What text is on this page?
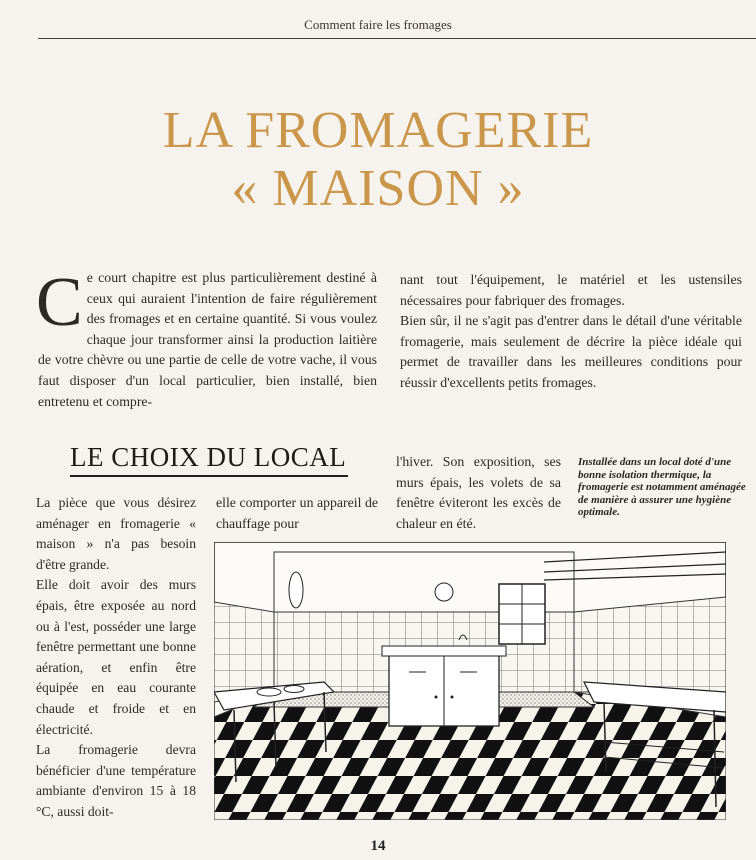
Comment faire les fromages
LA FROMAGERIE
« MAISON »
Ce court chapitre est plus particulièrement destiné à ceux qui auraient l'intention de faire régulièrement des fromages et en certaine quantité. Si vous voulez chaque jour transformer ainsi la production laitière de votre chèvre ou une partie de celle de votre vache, il vous faut disposer d'un local particulier, bien installé, bien entretenu et compre-

nant tout l'équipement, le matériel et les ustensiles nécessaires pour fabriquer des fromages.

Bien sûr, il ne s'agit pas d'entrer dans le détail d'une véritable fromagerie, mais seulement de décrire la pièce idéale qui permet de travailler dans les meilleures conditions pour réussir d'excellents petits fromages.

LE CHOIX DU LOCAL

La pièce que vous désirez aménager en fromagerie « maison » n'a pas besoin d'être grande.

Elle doit avoir des murs épais, être exposée au nord ou à l'est, posséder une large fenêtre permettant une bonne aération, et enfin être équipée en eau courante chaude et froide et en électricité.

La fromagerie devra bénéficier d'une température ambiante d'environ 15 à 18 °C, aussi doit-

elle comporter un appareil de chauffage pour

l'hiver. Son exposition, ses murs épais, les volets de sa fenêtre éviteront les excès de chaleur en été.

Installée dans un local doté d'une bonne isolation thermique, la fromagerie est notamment aménagée de manière à assurer une hygiène optimale.
14
